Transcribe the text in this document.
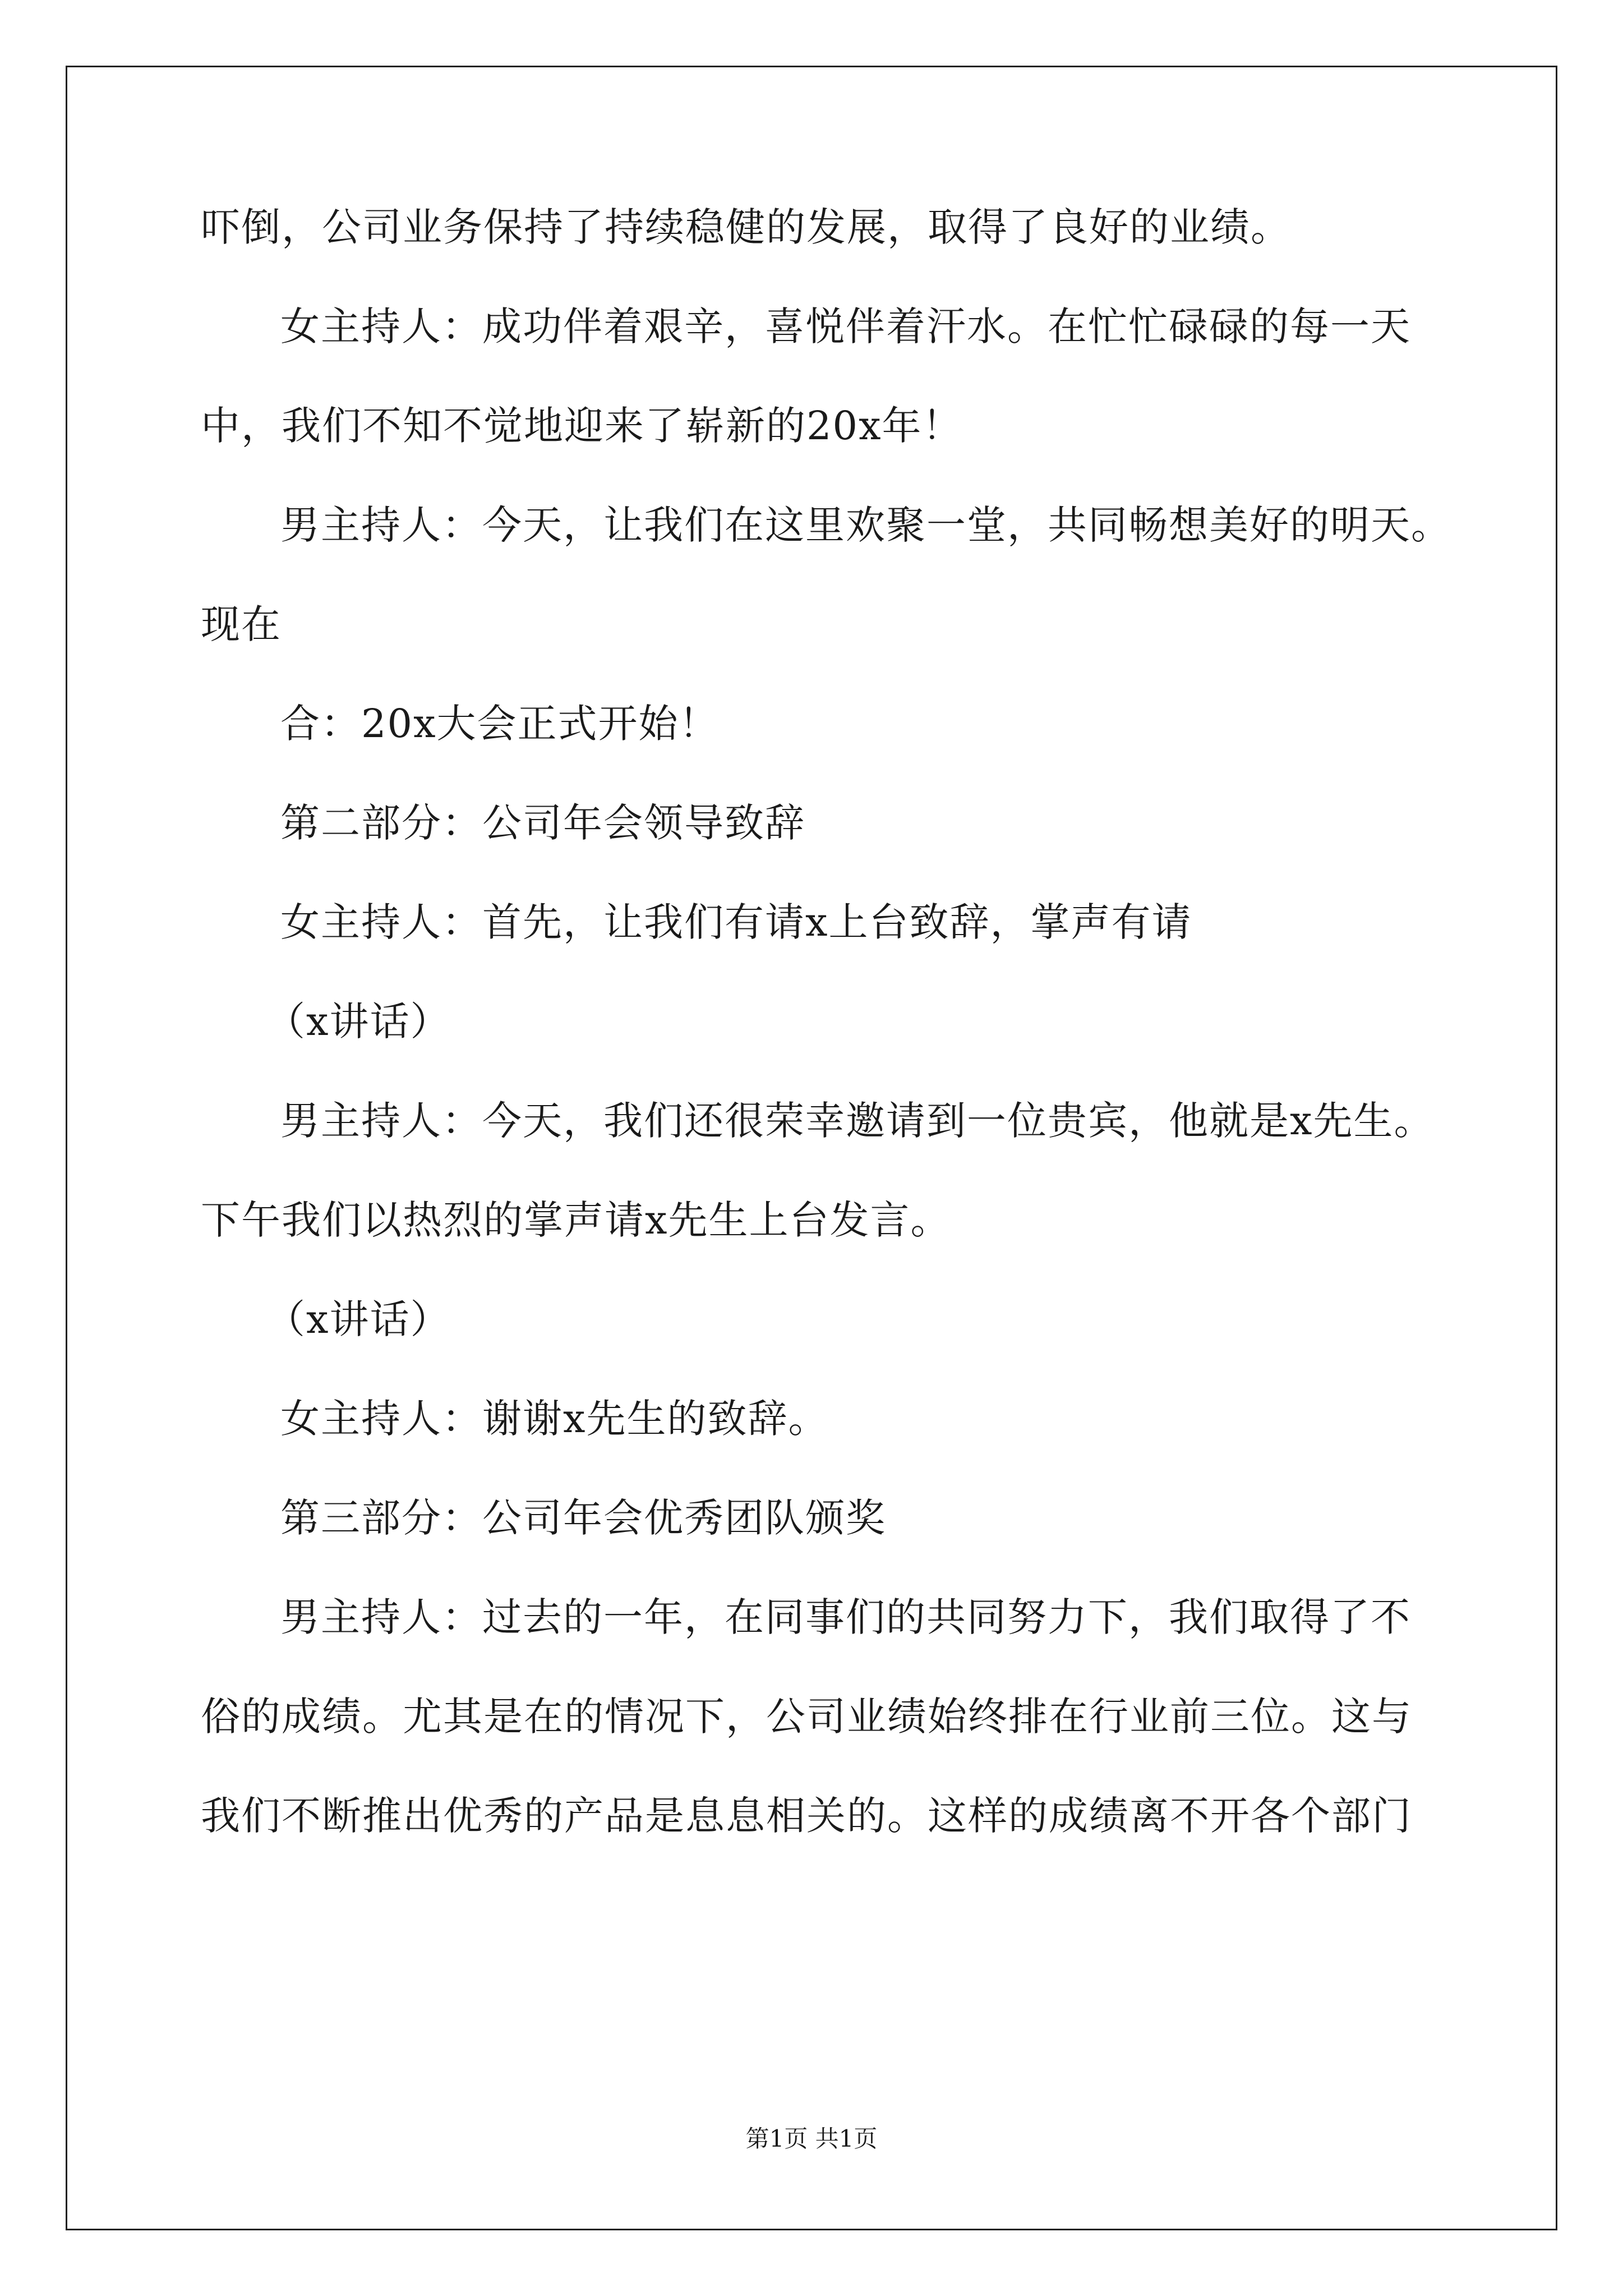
吓倒，公司业务保持了持续稳健的发展，取得了良好的业绩。
女主持人：成功伴着艰辛，喜悦伴着汗水。在忙忙碌碌的每一天
中，我们不知不觉地迎来了崭新的20x年！
男主持人：今天，让我们在这里欢聚一堂，共同畅想美好的明天。
现在
合：20x大会正式开始！
第二部分：公司年会领导致辞
女主持人：首先，让我们有请x上台致辞，掌声有请
（x讲话）
男主持人：今天，我们还很荣幸邀请到一位贵宾，他就是x先生。
下午我们以热烈的掌声请x先生上台发言。
（x讲话）
女主持人：谢谢x先生的致辞。
第三部分：公司年会优秀团队颁奖
男主持人：过去的一年，在同事们的共同努力下，我们取得了不
俗的成绩。尤其是在的情况下，公司业绩始终排在行业前三位。这与
我们不断推出优秀的产品是息息相关的。这样的成绩离不开各个部门
第1页 共1页
